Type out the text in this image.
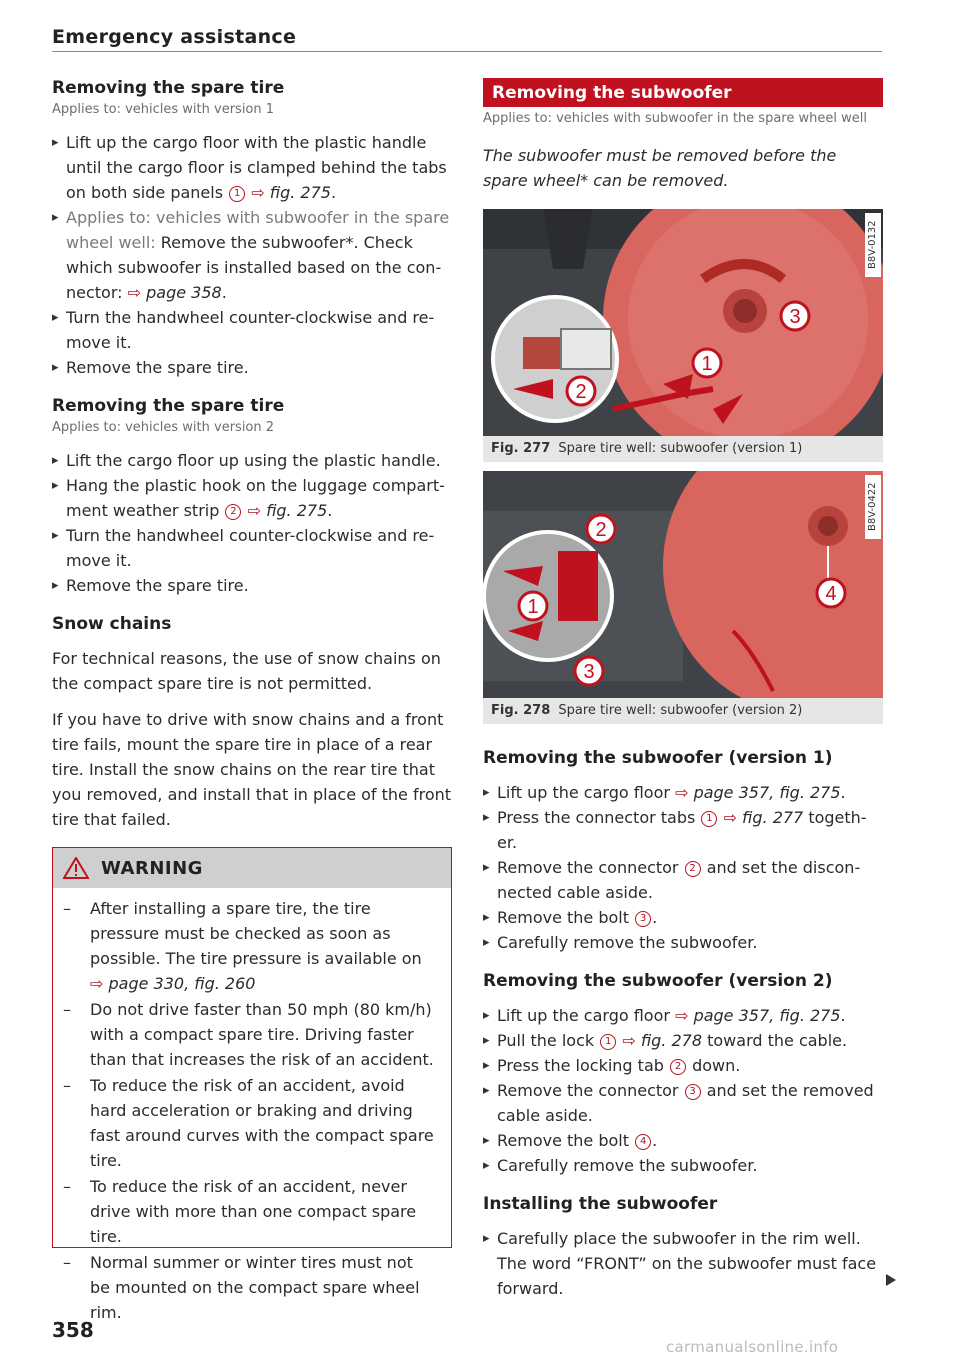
Emergency assistance
Removing the spare tire
Applies to: vehicles with version 1
▸ Lift up the cargo floor with the plastic handle until the cargo floor is clamped behind the tabs on both side panels 1 ⇨ fig. 275.
▸ Applies to: vehicles with subwoofer in the spare wheel well: Remove the subwoofer*. Check which subwoofer is installed based on the con-nector: ⇨ page 358.
▸ Turn the handwheel counter-clockwise and re-move it.
▸ Remove the spare tire.
Removing the spare tire
Applies to: vehicles with version 2
▸ Lift the cargo floor up using the plastic handle.
▸ Hang the plastic hook on the luggage compart-ment weather strip 2 ⇨ fig. 275.
▸ Turn the handwheel counter-clockwise and re-move it.
▸ Remove the spare tire.
Snow chains

For technical reasons, the use of snow chains on the compact spare tire is not permitted.

If you have to drive with snow chains and a front tire fails, mount the spare tire in place of a rear tire. Install the snow chains on the rear tire that you removed, and install that in place of the front tire that failed.

WARNING
– After installing a spare tire, the tire pressure must be checked as soon as possible. The tire pressure is available on ⇨ page 330, fig. 260
– Do not drive faster than 50 mph (80 km/h) with a compact spare tire. Driving faster than that increases the risk of an accident.
– To reduce the risk of an accident, avoid hard acceleration or braking and driving fast around curves with the compact spare tire.
– To reduce the risk of an accident, never drive with more than one compact spare tire.
– Normal summer or winter tires must not be mounted on the compact spare wheel rim.
358
Removing the subwoofer
Applies to: vehicles with subwoofer in the spare wheel well

The subwoofer must be removed before the spare wheel* can be removed.

1
2
3
B8V-0132
Fig. 277 Spare tire well: subwoofer (version 1)
1
2
3
4
B8V-0422
Fig. 278 Spare tire well: subwoofer (version 2)
Removing the subwoofer (version 1)
▸ Lift up the cargo floor ⇨ page 357, fig. 275.
▸ Press the connector tabs 1 ⇨ fig. 277 togeth-er.
▸ Remove the connector 2 and set the discon-nected cable aside.
▸ Remove the bolt 3 .
▸ Carefully remove the subwoofer.
Removing the subwoofer (version 2)
▸ Lift up the cargo floor ⇨ page 357, fig. 275.
▸ Pull the lock 1 ⇨ fig. 278 toward the cable.
▸ Press the locking tab 2 down.
▸ Remove the connector 3 and set the removed cable aside.
▸ Remove the bolt 4 .
▸ Carefully remove the subwoofer.
Installing the subwoofer
▸ Carefully place the subwoofer in the rim well. The word “FRONT” on the subwoofer must face forward.
carmanualsonline.info
